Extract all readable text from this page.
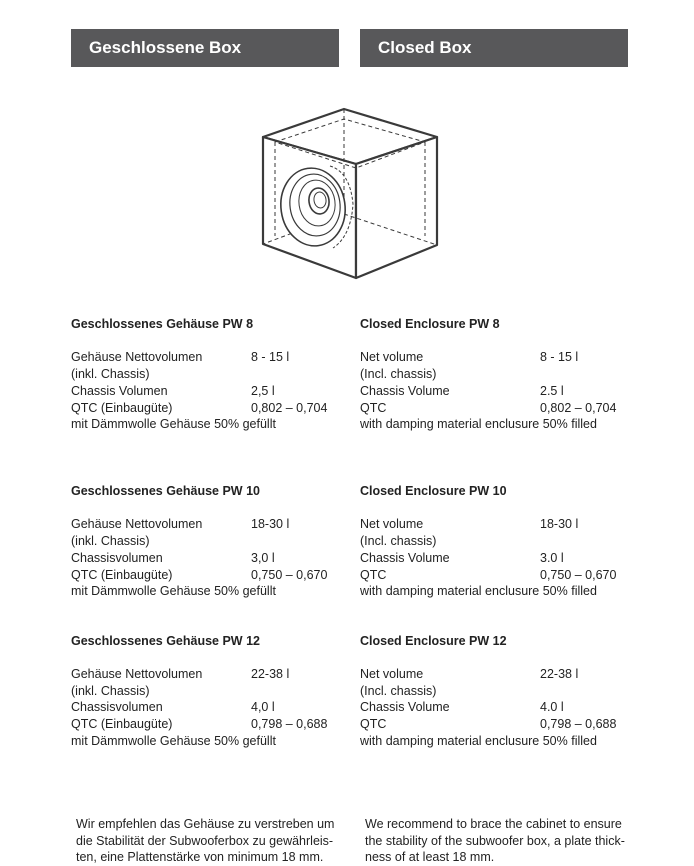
Geschlossene Box	Closed Box
Geschlossenes Gehäuse PW 8
Gehäuse Nettovolumen	8 - 15 l
(inkl. Chassis)
Chassis Volumen	2,5 l
QTC (Einbaugüte)	0,802 – 0,704
mit Dämmwolle Gehäuse 50% gefüllt
Geschlossenes Gehäuse PW 10
Gehäuse Nettovolumen	18-30 l
(inkl. Chassis)
Chassisvolumen	3,0 l
QTC (Einbaugüte)	0,750 – 0,670
mit Dämmwolle Gehäuse 50% gefüllt
Geschlossenes Gehäuse PW 12
Gehäuse Nettovolumen	22-38 l
(inkl. Chassis)
Chassisvolumen	4,0 l
QTC (Einbaugüte)	0,798 – 0,688
mit Dämmwolle Gehäuse 50% gefüllt
Closed Enclosure PW 8
Net volume	8 - 15 l
(Incl. chassis)
Chassis Volume	2.5 l
QTC	0,802 – 0,704
with damping material enclusure 50% filled
Closed Enclosure PW 10
Net volume	18-30 l
(Incl. chassis)
Chassis Volume	3.0 l
QTC	0,750 – 0,670
with damping material enclusure 50% filled
Closed Enclosure PW 12
Net volume	22-38 l
(Incl. chassis)
Chassis Volume	4.0 l
QTC	0,798 – 0,688
with damping material enclusure 50% filled
Wir empfehlen das Gehäuse zu verstreben um
die Stabilität der Subwooferbox zu gewährleis-
ten, eine Plattenstärke von minimum 18 mm.
We recommend to brace the cabinet to ensure
the stability of the subwoofer box, a plate thick-
ness of at least 18 mm.
